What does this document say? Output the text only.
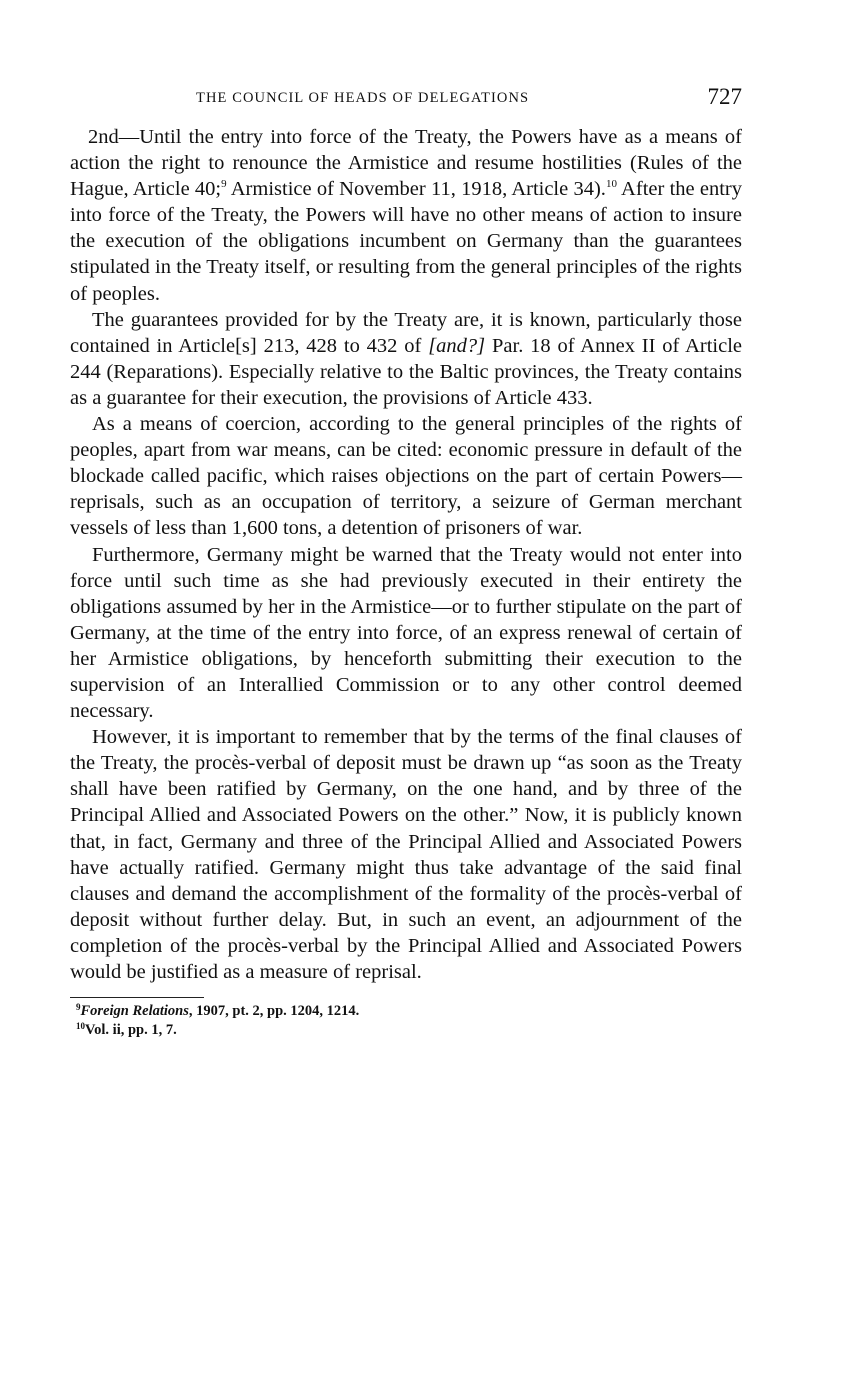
THE COUNCIL OF HEADS OF DELEGATIONS	727

2nd—Until the entry into force of the Treaty, the Powers have as a means of action the right to renounce the Armistice and resume hostilities (Rules of the Hague, Article 40;$^9$ Armistice of November 11, 1918, Article 34).$^{10}$ After the entry into force of the Treaty, the Powers will have no other means of action to insure the execution of the obligations incumbent on Germany than the guarantees stipulated in the Treaty itself, or resulting from the general principles of the rights of peoples.

The guarantees provided for by the Treaty are, it is known, particularly those contained in Article[s] 213, 428 to 432 of [and?] Par. 18 of Annex II of Article 244 (Reparations). Especially relative to the Baltic provinces, the Treaty contains as a guarantee for their execution, the provisions of Article 433.

As a means of coercion, according to the general principles of the rights of peoples, apart from war means, can be cited: economic pressure in default of the blockade called pacific, which raises objections on the part of certain Powers—reprisals, such as an occupation of territory, a seizure of German merchant vessels of less than 1,600 tons, a detention of prisoners of war.

Furthermore, Germany might be warned that the Treaty would not enter into force until such time as she had previously executed in their entirety the obligations assumed by her in the Armistice—or to further stipulate on the part of Germany, at the time of the entry into force, of an express renewal of certain of her Armistice obligations, by henceforth submitting their execution to the supervision of an Interallied Commission or to any other control deemed necessary.

However, it is important to remember that by the terms of the final clauses of the Treaty, the procès-verbal of deposit must be drawn up “as soon as the Treaty shall have been ratified by Germany, on the one hand, and by three of the Principal Allied and Associated Powers on the other.” Now, it is publicly known that, in fact, Germany and three of the Principal Allied and Associated Powers have actually ratified. Germany might thus take advantage of the said final clauses and demand the accomplishment of the formality of the procès-verbal of deposit without further delay. But, in such an event, an adjournment of the completion of the procès-verbal by the Principal Allied and Associated Powers would be justified as a measure of reprisal.

$^9$Foreign Relations, 1907, pt. 2, pp. 1204, 1214.
$^{10}$Vol. ii, pp. 1, 7.
